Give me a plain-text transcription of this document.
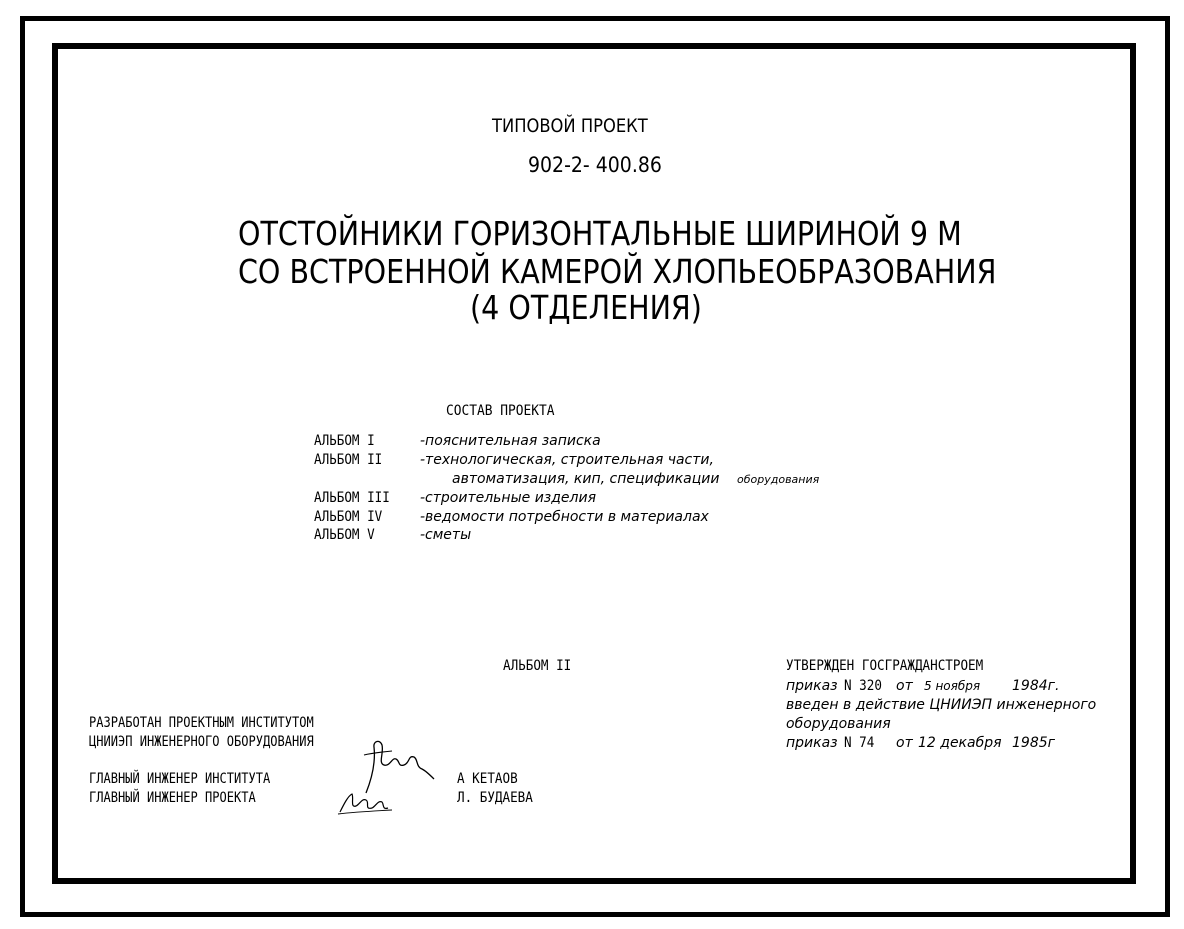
ТИПОВОЙ ПРОЕКТ
902-2- 400.86
ОТСТОЙНИКИ ГОРИЗОНТАЛЬНЫЕ ШИРИНОЙ 9 М
СО ВСТРОЕННОЙ КАМЕРОЙ ХЛОПЬЕОБРАЗОВАНИЯ
(4 ОТДЕЛЕНИЯ)
СОСТАВ ПРОЕКТА
АЛЬБОМ I	-пояснительная записка
АЛЬБОМ II	-технологическая, строительная части,
автоматизация, кип, спецификации оборудования
АЛЬБОМ III	-строительные изделия
АЛЬБОМ IV	-ведомости потребности в материалах
АЛЬБОМ V	-сметы
АЛЬБОМ II	УТВЕРЖДЕН ГОСГРАЖДАНСТРОЕМ
приказ N 320	от 5 ноября 1984г.
введен в действие ЦНИИЭП инженерного
оборудования
приказ N 74 от 12 декабря 1985г
РАЗРАБОТАН ПРОЕКТНЫМ ИНСТИТУТОМ
ЦНИИЭП ИНЖЕНЕРНОГО ОБОРУДОВАНИЯ
ГЛАВНЫЙ ИНЖЕНЕР ИНСТИТУТА	А КЕТАОВ
ГЛАВНЫЙ ИНЖЕНЕР ПРОЕКТА	Л. БУДАЕВА
